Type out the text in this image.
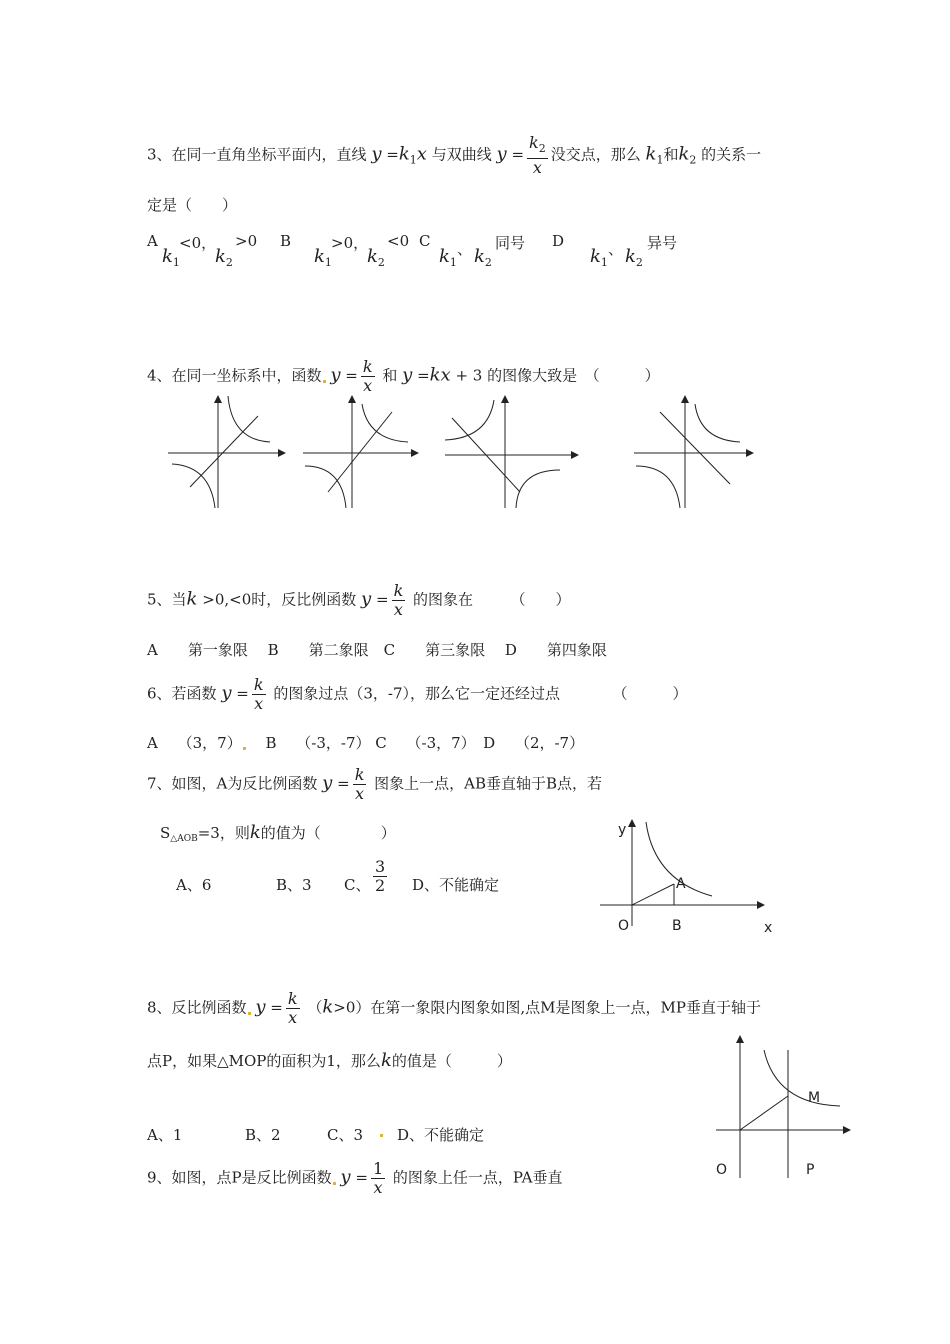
3、在同一直角坐标平面内，直线 $y =k_1x$ 与双曲线 $y = \frac{k_2}{x}$ 没交点，那么 $k_1$和$k_2$ 的关系一
定是（　　）
A
$k_1$
<0，
$k_2$
>0 B
$k_1$
>0，
$k_2$
<0 C
$k_1$
、 $k_2$
同号 D
$k_1$
、 $k_2$
异号
4、在同一坐标系中，函数 $y = \frac{k}{x}$ 和 y =kx + 3 的图像大致是　（　　　）
5、当k >0,<0时，反比例函数 $y = \frac{k}{x}$ 的图象在　　　（　　）
A　　第一象限　 B　　第二象限　C　　第三象限　 D　　第四象限
6、若函数 $y = \frac{k}{x}$ 的图象过点（3，-7），那么它一定还经过点　　　　（　　　）
A　 （3，7）　 B　 （-3，-7） C　 （-3，7）　D　 （2，-7）
7、如图，A为反比例函数 $y = \frac{k}{x}$ 图象上一点，AB垂直轴于B点，若
$S_{\triangle AOB}=3$，则k的值为（　　　　）
A、6	B、3 C、 $\frac{3}{2}$ D、不能确定
y
A
O	B	x
8、反比例函数 $y = \frac{k}{x} (k>0)$在第一象限内图象如图,点M是图象上一点，MP垂直于轴于
点P，如果△MOP的面积为1，那么k的值是（　　　）
A、1	B、2	C、3 D、不能确定
M
O	P
9、如图，点P是反比例函数 $y = \frac{1}{x}$ 的图象上任一点，PA垂直
